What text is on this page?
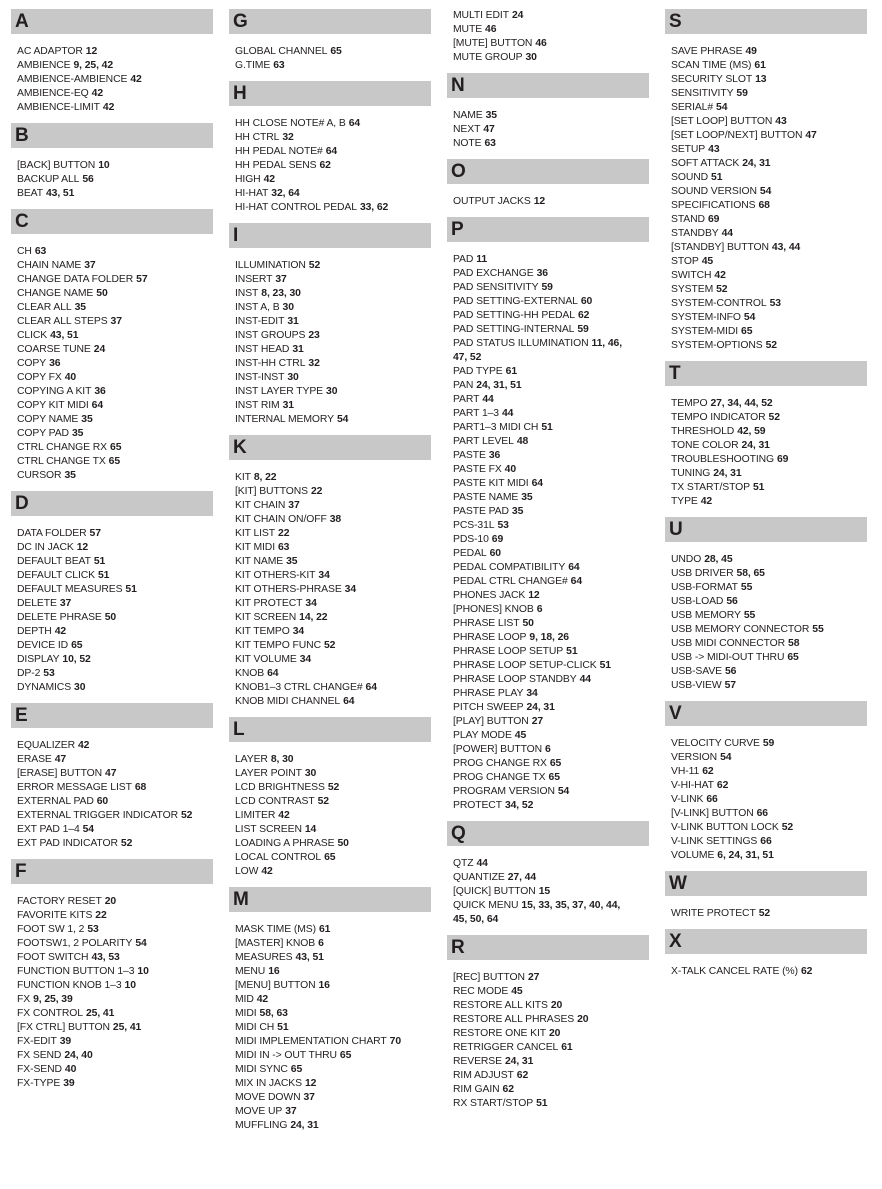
A
AC ADAPTOR 12
AMBIENCE 9, 25, 42
AMBIENCE-AMBIENCE 42
AMBIENCE-EQ 42
AMBIENCE-LIMIT 42
B
[BACK] BUTTON 10
BACKUP ALL 56
BEAT 43, 51
C
CH 63
CHAIN NAME 37
CHANGE DATA FOLDER 57
CHANGE NAME 50
CLEAR ALL 35
CLEAR ALL STEPS 37
CLICK 43, 51
COARSE TUNE 24
COPY 36
COPY FX 40
COPYING A KIT 36
COPY KIT MIDI 64
COPY NAME 35
COPY PAD 35
CTRL CHANGE RX 65
CTRL CHANGE TX 65
CURSOR 35
D
DATA FOLDER 57
DC IN JACK 12
DEFAULT BEAT 51
DEFAULT CLICK 51
DEFAULT MEASURES 51
DELETE 37
DELETE PHRASE 50
DEPTH 42
DEVICE ID 65
DISPLAY 10, 52
DP-2 53
DYNAMICS 30
E
EQUALIZER 42
ERASE 47
[ERASE] BUTTON 47
ERROR MESSAGE LIST 68
EXTERNAL PAD 60
EXTERNAL TRIGGER INDICATOR 52
EXT PAD 1–4 54
EXT PAD INDICATOR 52
F
FACTORY RESET 20
FAVORITE KITS 22
FOOT SW 1, 2 53
FOOTSW1, 2 POLARITY 54
FOOT SWITCH 43, 53
FUNCTION BUTTON 1–3 10
FUNCTION KNOB 1–3 10
FX 9, 25, 39
FX CONTROL 25, 41
[FX CTRL] BUTTON 25, 41
FX-EDIT 39
FX SEND 24, 40
FX-SEND 40
FX-TYPE 39
G
GLOBAL CHANNEL 65
G.TIME 63
H
HH CLOSE NOTE# A, B 64
HH CTRL 32
HH PEDAL NOTE# 64
HH PEDAL SENS 62
HIGH 42
HI-HAT 32, 64
HI-HAT CONTROL PEDAL 33, 62
I
ILLUMINATION 52
INSERT 37
INST 8, 23, 30
INST A, B 30
INST-EDIT 31
INST GROUPS 23
INST HEAD 31
INST-HH CTRL 32
INST-INST 30
INST LAYER TYPE 30
INST RIM 31
INTERNAL MEMORY 54
K
KIT 8, 22
[KIT] BUTTONS 22
KIT CHAIN 37
KIT CHAIN ON/OFF 38
KIT LIST 22
KIT MIDI 63
KIT NAME 35
KIT OTHERS-KIT 34
KIT OTHERS-PHRASE 34
KIT PROTECT 34
KIT SCREEN 14, 22
KIT TEMPO 34
KIT TEMPO FUNC 52
KIT VOLUME 34
KNOB 64
KNOB1–3 CTRL CHANGE# 64
KNOB MIDI CHANNEL 64
L
LAYER 8, 30
LAYER POINT 30
LCD BRIGHTNESS 52
LCD CONTRAST 52
LIMITER 42
LIST SCREEN 14
LOADING A PHRASE 50
LOCAL CONTROL 65
LOW 42
M
MASK TIME (MS) 61
[MASTER] KNOB 6
MEASURES 43, 51
MENU 16
[MENU] BUTTON 16
MID 42
MIDI 58, 63
MIDI CH 51
MIDI IMPLEMENTATION CHART 70
MIDI IN -> OUT THRU 65
MIDI SYNC 65
MIX IN JACKS 12
MOVE DOWN 37
MOVE UP 37
MUFFLING 24, 31
MULTI EDIT 24
MUTE 46
[MUTE] BUTTON 46
MUTE GROUP 30
N
NAME 35
NEXT 47
NOTE 63
O
OUTPUT JACKS 12
P
PAD 11
PAD EXCHANGE 36
PAD SENSITIVITY 59
PAD SETTING-EXTERNAL 60
PAD SETTING-HH PEDAL 62
PAD SETTING-INTERNAL 59
PAD STATUS ILLUMINATION 11, 46,
47, 52
PAD TYPE 61
PAN 24, 31, 51
PART 44
PART 1–3 44
PART1–3 MIDI CH 51
PART LEVEL 48
PASTE 36
PASTE FX 40
PASTE KIT MIDI 64
PASTE NAME 35
PASTE PAD 35
PCS-31L 53
PDS-10 69
PEDAL 60
PEDAL COMPATIBILITY 64
PEDAL CTRL CHANGE# 64
PHONES JACK 12
[PHONES] KNOB 6
PHRASE LIST 50
PHRASE LOOP 9, 18, 26
PHRASE LOOP SETUP 51
PHRASE LOOP SETUP-CLICK 51
PHRASE LOOP STANDBY 44
PHRASE PLAY 34
PITCH SWEEP 24, 31
[PLAY] BUTTON 27
PLAY MODE 45
[POWER] BUTTON 6
PROG CHANGE RX 65
PROG CHANGE TX 65
PROGRAM VERSION 54
PROTECT 34, 52
Q
QTZ 44
QUANTIZE 27, 44
[QUICK] BUTTON 15
QUICK MENU 15, 33, 35, 37, 40, 44,
45, 50, 64
R
[REC] BUTTON 27
REC MODE 45
RESTORE ALL KITS 20
RESTORE ALL PHRASES 20
RESTORE ONE KIT 20
RETRIGGER CANCEL 61
REVERSE 24, 31
RIM ADJUST 62
RIM GAIN 62
RX START/STOP 51
S
SAVE PHRASE 49
SCAN TIME (MS) 61
SECURITY SLOT 13
SENSITIVITY 59
SERIAL# 54
[SET LOOP] BUTTON 43
[SET LOOP/NEXT] BUTTON 47
SETUP 43
SOFT ATTACK 24, 31
SOUND 51
SOUND VERSION 54
SPECIFICATIONS 68
STAND 69
STANDBY 44
[STANDBY] BUTTON 43, 44
STOP 45
SWITCH 42
SYSTEM 52
SYSTEM-CONTROL 53
SYSTEM-INFO 54
SYSTEM-MIDI 65
SYSTEM-OPTIONS 52
T
TEMPO 27, 34, 44, 52
TEMPO INDICATOR 52
THRESHOLD 42, 59
TONE COLOR 24, 31
TROUBLESHOOTING 69
TUNING 24, 31
TX START/STOP 51
TYPE 42
U
UNDO 28, 45
USB DRIVER 58, 65
USB-FORMAT 55
USB-LOAD 56
USB MEMORY 55
USB MEMORY CONNECTOR 55
USB MIDI CONNECTOR 58
USB -> MIDI-OUT THRU 65
USB-SAVE 56
USB-VIEW 57
V
VELOCITY CURVE 59
VERSION 54
VH-11 62
V-HI-HAT 62
V-LINK 66
[V-LINK] BUTTON 66
V-LINK BUTTON LOCK 52
V-LINK SETTINGS 66
VOLUME 6, 24, 31, 51
W
WRITE PROTECT 52
X
X-TALK CANCEL RATE (%) 62
